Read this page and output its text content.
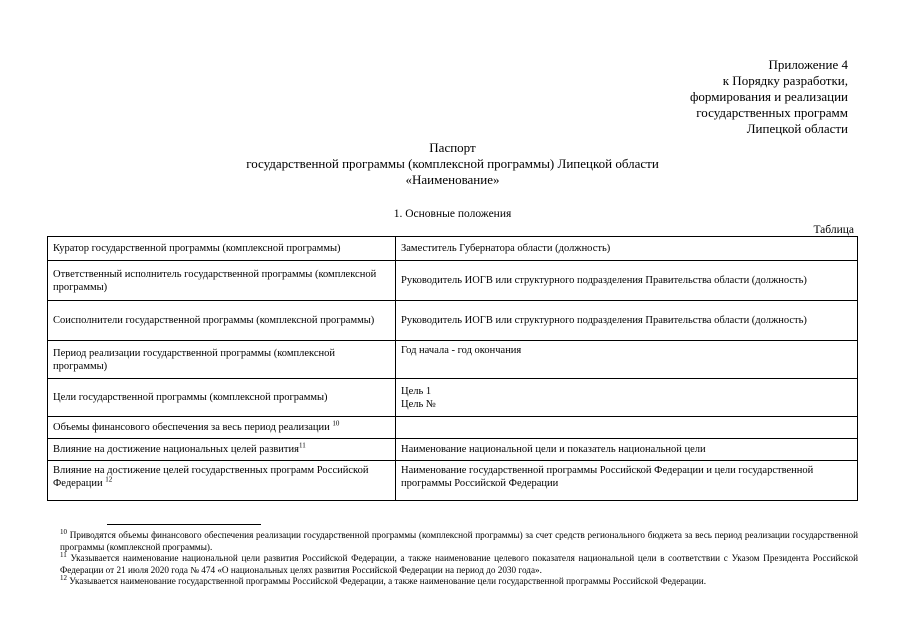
Приложение 4
к Порядку разработки,
формирования и реализации
государственных программ
Липецкой области
Паспорт
государственной программы (комплексной программы) Липецкой области
«Наименование»
1. Основные положения
Таблица
Куратор государственной программы (комплексной программы)	Заместитель Губернатора области (должность)
Ответственный исполнитель государственной программы (комплексной программы)	Руководитель ИОГВ или структурного подразделения Правительства области (должность)
Соисполнители государственной программы (комплексной программы)	Руководитель ИОГВ или структурного подразделения Правительства области (должность)
Период реализации государственной программы (комплексной программы)	Год начала - год окончания
Цели государственной программы (комплексной программы)	Цель 1
Цель №

Объемы финансового обеспечения за весь период реализации $^{10}$	
Влияние на достижение национальных целей развития$^{11}$	Наименование национальной цели и показатель национальной цели
Влияние на достижение целей государственных программ Российской Федерации $^{12}$	Наименование государственной программы Российской Федерации и цели государственной программы Российской Федерации

$^{10}$ Приводятся объемы финансового обеспечения реализации государственной программы (комплексной программы) за счет средств регионального бюджета за весь период реализации государственной программы (комплексной программы).

$^{11}$ Указывается наименование национальной цели развития Российской Федерации, а также наименование целевого показателя национальной цели в соответствии с Указом Президента Российской Федерации от 21 июля 2020 года № 474 «О национальных целях развития Российской Федерации на период до 2030 года».

$^{12}$ Указывается наименование государственной программы Российской Федерации, а также наименование цели государственной программы Российской Федерации.
